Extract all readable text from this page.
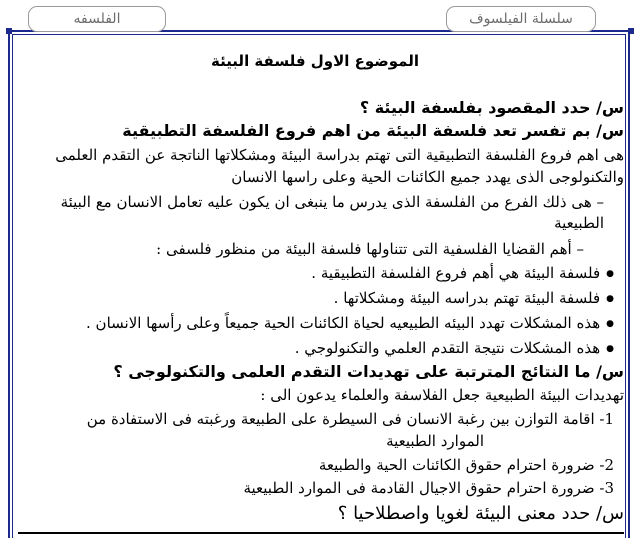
سلسلة الفيلسوف
الفلسفه
الموضوع الاول فلسفة البيئة
س/ حدد المقصود بفلسفة البيئة ؟
س/ بم تفسر تعد فلسفة البيئة من اهم فروع الفلسفة التطبيقية
هى اهم فروع الفلسفة التطبيقية التى تهتم بدراسة البيئة ومشكلاتها الناتجة عن التقدم العلمى
والتكنولوجى الذى يهدد جميع الكائنات الحية وعلى راسها الانسان
– هى ذلك الفرع من الفلسفة الذى يدرس ما ينبغى ان يكون عليه تعامل الانسان مع البيئة
الطبيعية
– أهم القضايا الفلسفية التى تتناولها فلسفة البيئة من منظور فلسفى :
● فلسفة البيئة هي أهم فروع الفلسفة التطبيقية .
● فلسفة البيئة تهتم بدراسه البيئة ومشكلاتها .
● هذه المشكلات تهدد البيئه الطبيعيه لحياة الكائنات الحية جميعاً وعلى رأسها الانسان .
● هذه المشكلات نتيجة التقدم العلمي والتكنولوجي .
س/ ما النتائج المترتبة على تهديدات التقدم العلمى والتكنولوجى ؟
تهديدات البيئة الطبيعية جعل الفلاسفة والعلماء يدعون الى :
1- اقامة التوازن بين رغبة الانسان فى السيطرة على الطبيعة ورغبته فى الاستفادة من
الموارد الطبيعية
2- ضرورة احترام حقوق الكائنات الحية والطبيعة
3- ضرورة احترام حقوق الاجيال القادمة فى الموارد الطبيعية
س/ حدد معنى البيئة لغويا واصطلاحيا ؟
